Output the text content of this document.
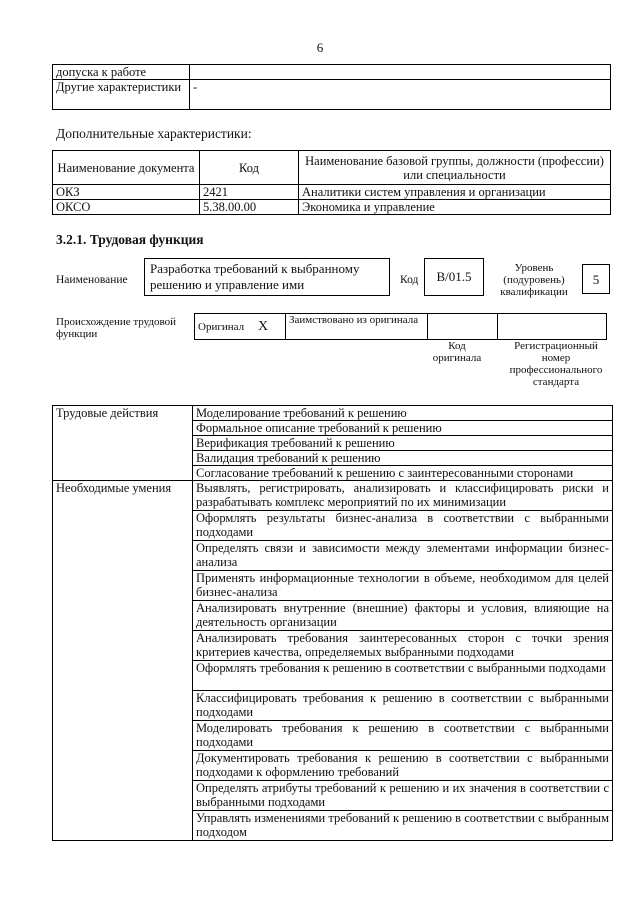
6
допуска к работе	
Другие характеристики	-
Дополнительные характеристики:
Наименование документа	Код	Наименование базовой группы, должности (профессии) или специальности
ОКЗ	2421	Аналитики систем управления и организации
ОКСО	5.38.00.00	Экономика и управление
3.2.1. Трудовая функция
Наименование
Разработка требований к выбранному решению и управление ими	Код	B/01.5
Уровень (подуровень) квалификации
5
Происхождение трудовой функции
Оригинал	X	Заимствовано из оригинала		
Код оригинала
Регистрационный номер профессионального стандарта
Трудовые действия	Моделирование требований к решению
	Формальное описание требований к решению
	Верификация требований к решению
	Валидация требований к решению
	Согласование требований к решению с заинтересованными сторонами
Необходимые умения	Выявлять, регистрировать, анализировать и классифицировать риски и разрабатывать комплекс мероприятий по их минимизации
	Оформлять результаты бизнес-анализа в соответствии с выбранными подходами
	Определять связи и зависимости между элементами информации бизнес-анализа
	Применять информационные технологии в объеме, необходимом для целей бизнес-анализа
	Анализировать внутренние (внешние) факторы и условия, влияющие на деятельность организации
	Анализировать требования заинтересованных сторон с точки зрения критериев качества, определяемых выбранными подходами
	Оформлять требования к решению в соответствии с выбранными подходами
	Классифицировать требования к решению в соответствии с выбранными подходами
	Моделировать требования к решению в соответствии с выбранными подходами
	Документировать требования к решению в соответствии с выбранными подходами к оформлению требований
	Определять атрибуты требований к решению и их значения в соответствии с выбранными подходами
	Управлять изменениями требований к решению в соответствии с выбранным подходом
